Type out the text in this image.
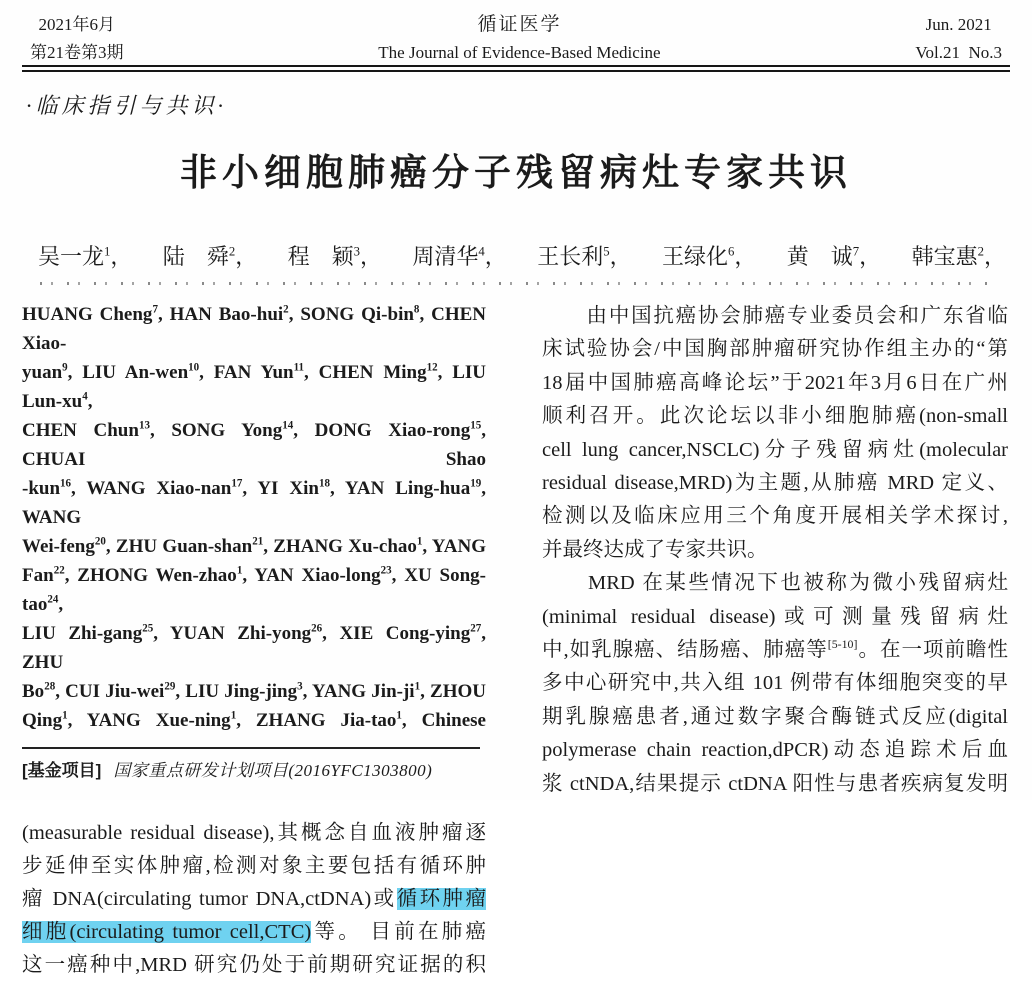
2021年6月
第21卷第3期
循证医学
The Journal of Evidence-Based Medicine
Jun. 2021
Vol.21  No.3
·临床指引与共识·
非小细胞肺癌分子残留病灶专家共识
吴一龙$^1$， 陆　舜$^2$， 程　颖$^3$， 周清华$^4$， 王长利$^5$， 王绿化$^6$， 黄　诚$^7$， 韩宝惠$^2$，
HUANG Cheng$^7$, HAN Bao-hui$^2$, SONG Qi-bin$^8$, CHEN Xiao-
yuan$^9$, LIU An-wen$^{10}$, FAN Yun$^{11}$, CHEN Ming$^{12}$, LIU Lun-$xu^4$,
CHEN Chun$^{13}$, SONG Yong$^{14}$, DONG Xiao-rong$^{15}$, CHUAI Shao
-kun$^{16}$, WANG Xiao-nan$^{17}$, YI Xin$^{18}$, YAN Ling-hua$^{19}$, WANG
Wei-feng$^{20}$, ZHU Guan-shan$^{21}$, ZHANG Xu-chao$^1$, YANG
Fan$^{22}$, ZHONG Wen-zhao$^1$, YAN Xiao-long$^{23}$, XU Song-tao$^{24}$,
LIU Zhi-gang$^{25}$, YUAN Zhi-yong$^{26}$, XIE Cong-ying$^{27}$, ZHU
Bo$^{28}$, CUI Jiu-wei$^{29}$, LIU Jing-jing$^3$, YANG Jin-$ji^1$, ZHOU
Qing$^1$, YANG Xue-ning$^1$, ZHANG Jia-tao$^1$, Chinese
[基金项目] 国家重点研发计划项目(2016YFC1303800)
(measurable residual disease),其概念自血液肿瘤逐
步延伸至实体肿瘤,检测对象主要包括有循环肿
瘤 DNA(circulating tumor DNA,ctDNA)或循环肿瘤
细胞(circulating tumor cell,CTC)等。 目前在肺癌
这一癌种中,MRD 研究仍处于前期研究证据的积
　　由中国抗癌协会肺癌专业委员会和广东省临
床试验协会/中国胸部肿瘤研究协作组主办的“第
18届中国肺癌高峰论坛”于2021年3月6日在广州
顺利召开。此次论坛以非小细胞肺癌(non-small
cell lung cancer,NSCLC)分子残留病灶(molecular
residual disease,MRD)为主题,从肺癌 MRD 定义、
检测以及临床应用三个角度开展相关学术探讨,
并最终达成了专家共识。
　　MRD 在某些情况下也被称为微小残留病灶
(minimal residual disease)或可测量残留病灶
中,如乳腺癌、结肠癌、肺癌等[5-10]。在一项前瞻性
多中心研究中,共入组 101 例带有体细胞突变的早
期乳腺癌患者,通过数字聚合酶链式反应(digital
polymerase chain reaction,dPCR)动态追踪术后血
浆 ctNDA,结果提示 ctDNA 阳性与患者疾病复发明
